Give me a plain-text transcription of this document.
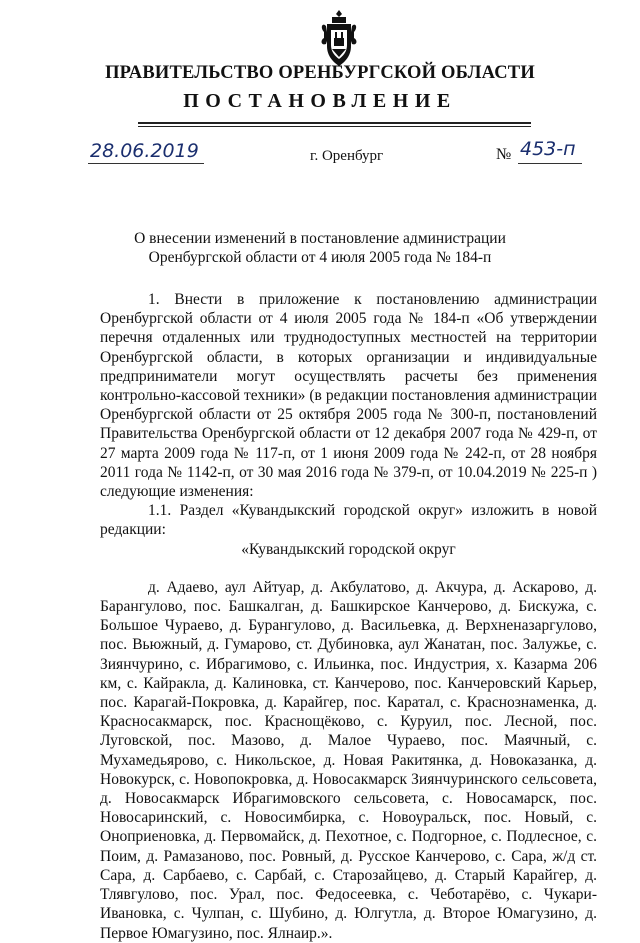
ПРАВИТЕЛЬСТВО ОРЕНБУРГСКОЙ ОБЛАСТИ
ПОСТАНОВЛЕНИЕ
28.06.2019	г. Оренбург	№ 453-п
О внесении изменений в постановление администрации
Оренбургской области от 4 июля 2005 года № 184-п

1. Внести в приложение к постановлению администрации Оренбургской области от 4 июля 2005 года № 184-п «Об утверждении перечня отдаленных или труднодоступных местностей на территории Оренбургской области, в которых организации и индивидуальные предприниматели могут осуществлять расчеты без применения контрольно-кассовой техники» (в редакции постановления администрации Оренбургской области от 25 октября 2005 года № 300-п, постановлений Правительства Оренбургской области от 12 декабря 2007 года № 429-п, от 27 марта 2009 года № 117-п, от 1 июня 2009 года № 242-п, от 28 ноября 2011 года № 1142-п, от 30 мая 2016 года № 379-п, от 10.04.2019 № 225-п ) следующие изменения:

1.1. Раздел «Кувандыкский городской округ» изложить в новой редакции:

«Кувандыкский городской округ

д. Адаево, аул Айтуар, д. Акбулатово, д. Акчура, д. Аскарово, д. Барангулово, пос. Башкалган, д. Башкирское Канчерово, д. Бискужа, с. Большое Чураево, д. Бурангулово, д. Васильевка, д. Верхненазаргулово, пос. Вьюжный, д. Гумарово, ст. Дубиновка, аул Жанатан, пос. Залужье, с. Зиянчурино, с. Ибрагимово, с. Ильинка, пос. Индустрия, х. Казарма 206 км, с. Кайракла, д. Калиновка, ст. Канчерово, пос. Канчеровский Карьер, пос. Карагай-Покровка, д. Карайгер, пос. Каратал, с. Краснознаменка, д. Красносакмарск, пос. Краснощёково, с. Куруил, пос. Лесной, пос. Луговской, пос. Мазово, д. Малое Чураево, пос. Маячный, с. Мухамедьярово, с. Никольское, д. Новая Ракитянка, д. Новоказанка, д. Новокурск, с. Новопокровка, д. Новосакмарск Зиянчуринского сельсовета, д. Новосакмарск Ибрагимовского сельсовета, с. Новосамарск, пос. Новосаринский, с. Новосимбирка, с. Новоуральск, пос. Новый, с. Оноприеновка, д. Первомайск, д. Пехотное, с. Подгорное, с. Подлесное, с. Поим, д. Рамазаново, пос. Ровный, д. Русское Канчерово, с. Сара, ж/д ст. Сара, д. Сарбаево, с. Сарбай, с. Старозайцево, д. Старый Карайгер, д. Тлявгулово, пос. Урал, пос. Федосеевка, с. Чеботарёво, с. Чукари-Ивановка, с. Чулпан, с. Шубино, д. Юлгутла, д. Второе Юмагузино, д. Первое Юмагузино, пос. Ялнаир.».
